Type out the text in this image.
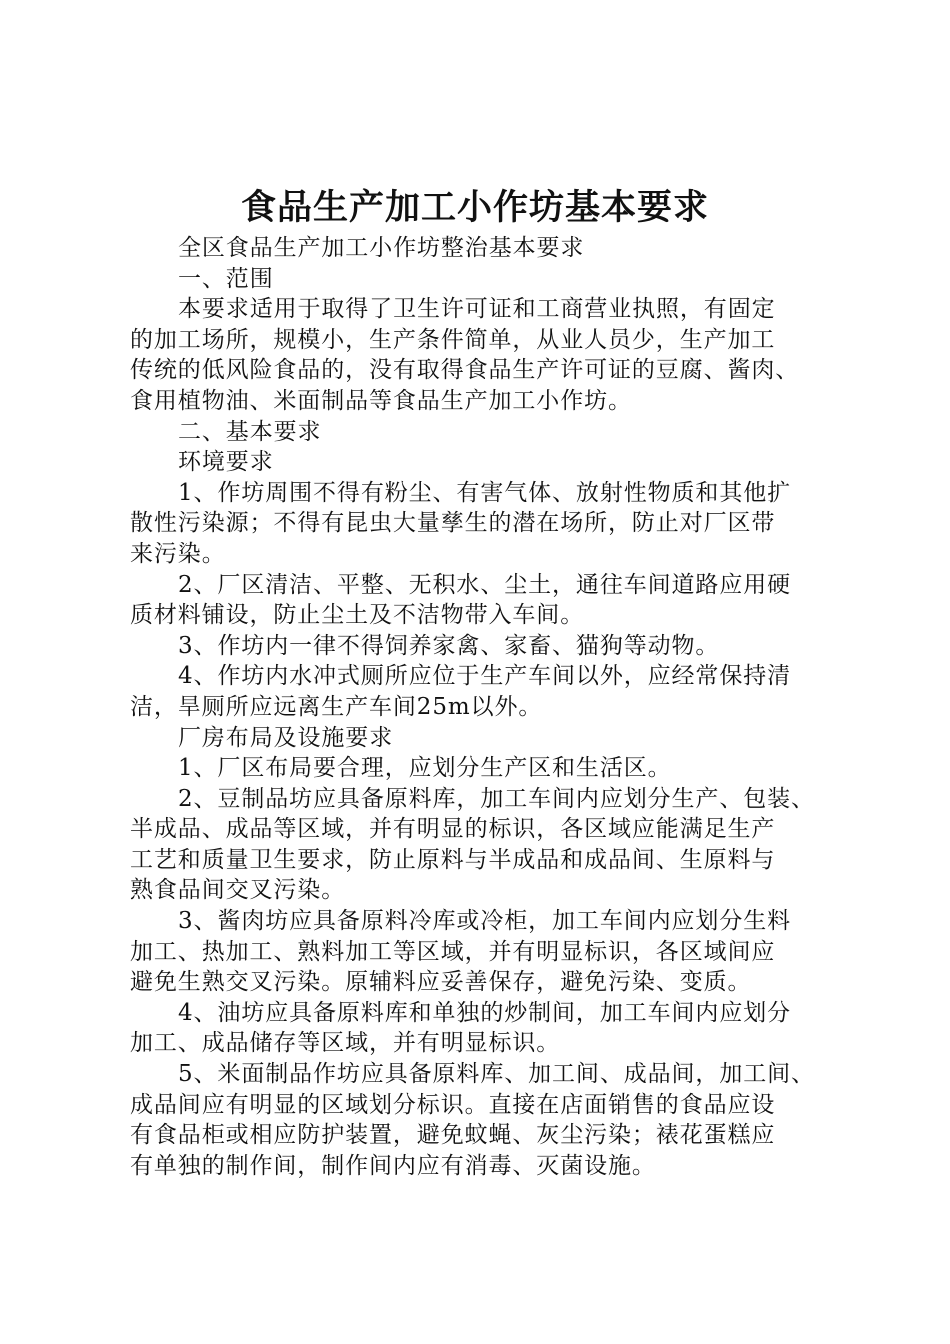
食品生产加工小作坊基本要求

全区食品生产加工小作坊整治基本要求

一、范围

本要求适用于取得了卫生许可证和工商营业执照，有固定

的加工场所，规模小，生产条件简单，从业人员少，生产加工

传统的低风险食品的，没有取得食品生产许可证的豆腐、酱肉、

食用植物油、米面制品等食品生产加工小作坊。

二、基本要求

环境要求

1、作坊周围不得有粉尘、有害气体、放射性物质和其他扩

散性污染源；不得有昆虫大量孳生的潜在场所，防止对厂区带

来污染。

2、厂区清洁、平整、无积水、尘土，通往车间道路应用硬

质材料铺设，防止尘土及不洁物带入车间。

3、作坊内一律不得饲养家禽、家畜、猫狗等动物。

4、作坊内水冲式厕所应位于生产车间以外，应经常保持清

洁，旱厕所应远离生产车间25m以外。

厂房布局及设施要求

1、厂区布局要合理，应划分生产区和生活区。

2、豆制品坊应具备原料库，加工车间内应划分生产、包装、

半成品、成品等区域，并有明显的标识，各区域应能满足生产

工艺和质量卫生要求，防止原料与半成品和成品间、生原料与

熟食品间交叉污染。

3、酱肉坊应具备原料冷库或冷柜，加工车间内应划分生料

加工、热加工、熟料加工等区域，并有明显标识，各区域间应

避免生熟交叉污染。原辅料应妥善保存，避免污染、变质。

4、油坊应具备原料库和单独的炒制间，加工车间内应划分

加工、成品储存等区域，并有明显标识。

5、米面制品作坊应具备原料库、加工间、成品间，加工间、

成品间应有明显的区域划分标识。直接在店面销售的食品应设

有食品柜或相应防护装置，避免蚊蝇、灰尘污染；裱花蛋糕应

有单独的制作间，制作间内应有消毒、灭菌设施。
